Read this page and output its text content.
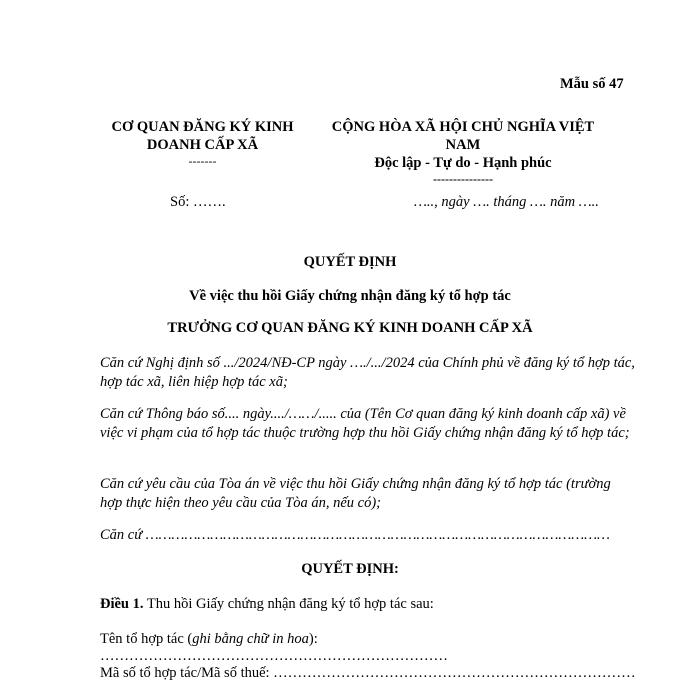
Mẫu số 47
CƠ QUAN ĐĂNG KÝ KINH
DOANH CẤP XÃ
-------
CỘNG HÒA XÃ HỘI CHỦ NGHĨA VIỆT
NAM
Độc lập - Tự do - Hạnh phúc
---------------
Số: …….	….., ngày …. tháng …. năm …..
QUYẾT ĐỊNH
Về việc thu hồi Giấy chứng nhận đăng ký tổ hợp tác
TRƯỞNG CƠ QUAN ĐĂNG KÝ KINH DOANH CẤP XÃ
Căn cứ Nghị định số .../2024/NĐ-CP ngày …./.../2024 của Chính phủ về đăng ký tổ hợp tác, hợp tác xã, liên hiệp hợp tác xã;
Căn cứ Thông báo số.... ngày..../……/..... của (Tên Cơ quan đăng ký kinh doanh cấp xã) về việc vi phạm của tổ hợp tác thuộc trường hợp thu hồi Giấy chứng nhận đăng ký tổ hợp tác;
Căn cứ yêu cầu của Tòa án về việc thu hồi Giấy chứng nhận đăng ký tổ hợp tác (trường hợp thực hiện theo yêu cầu của Tòa án, nếu có);
Căn cứ ………………………………………………………………………………………………
QUYẾT ĐỊNH:
Điều 1. Thu hồi Giấy chứng nhận đăng ký tổ hợp tác sau:
Tên tổ hợp tác (ghi bằng chữ in hoa): ………………………………………………………………
Mã số tổ hợp tác/Mã số thuế: …………………………………………………………………
